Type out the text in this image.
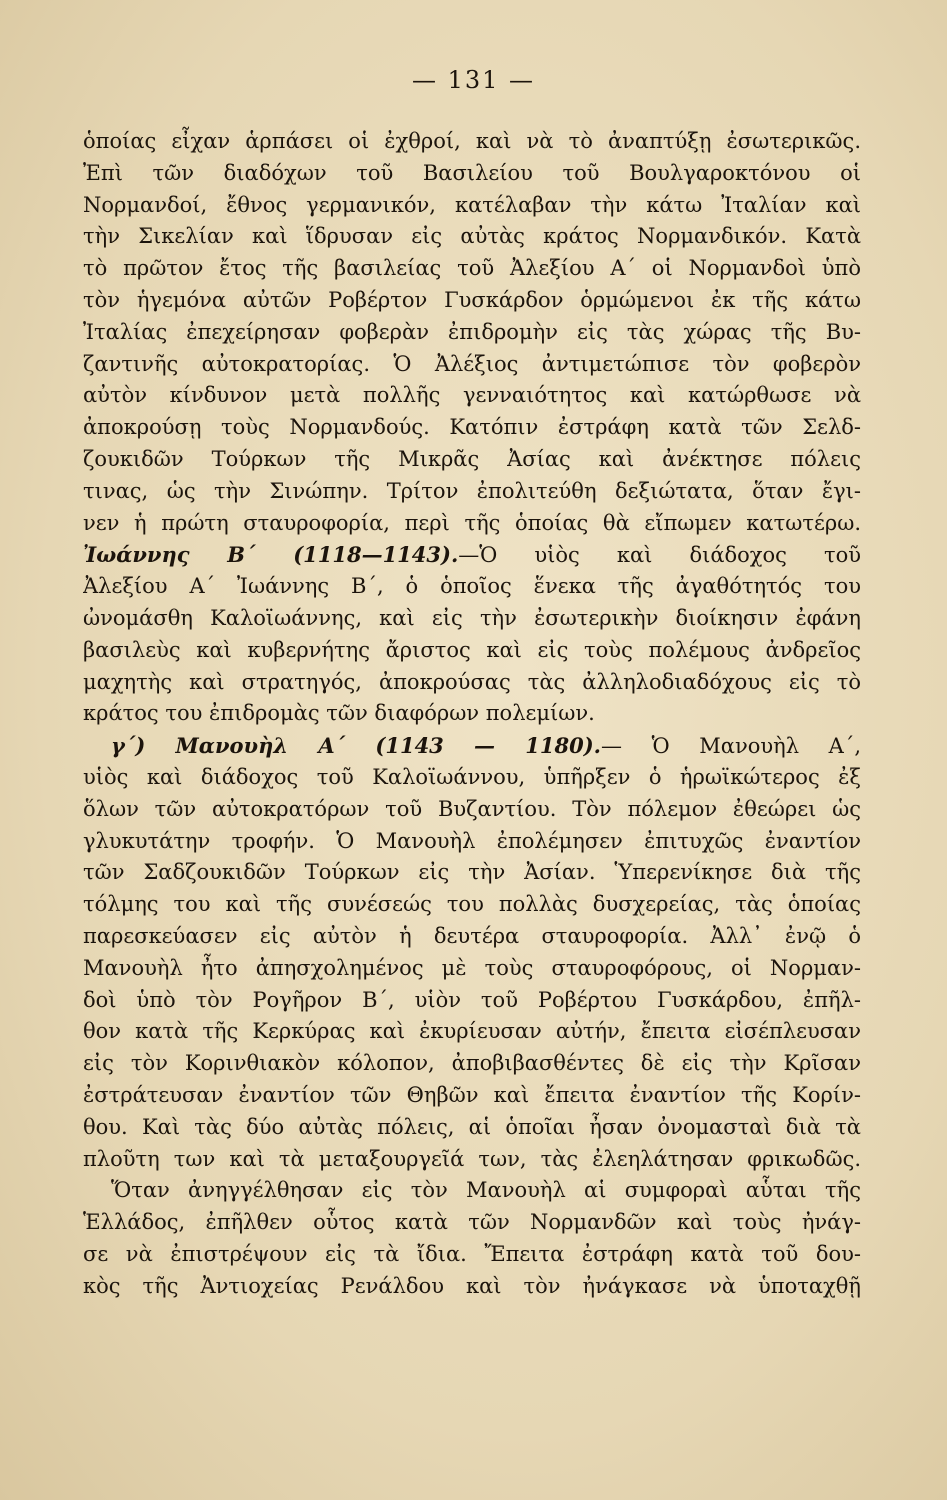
— 131 —
ὁποίας εἶχαν ἁρπάσει οἱ ἐχθροί, καὶ νὰ τὸ ἀναπτύξῃ ἐσωτερικῶς.
Ἐπὶ τῶν διαδόχων τοῦ Βασιλείου τοῦ Βουλγαροκτόνου οἱ
Νορμανδοί, ἔθνος γερμανικόν, κατέλαβαν τὴν κάτω Ἰταλίαν καὶ
τὴν Σικελίαν καὶ ἵδρυσαν εἰς αὐτὰς κράτος Νορμανδικόν. Κατὰ
τὸ πρῶτον ἔτος τῆς βασιλείας τοῦ Ἀλεξίου Α΄ οἱ Νορμανδοὶ ὑπὸ
τὸν ἡγεμόνα αὐτῶν Ροβέρτον Γυσκάρδον ὁρμώμενοι ἐκ τῆς κάτω
Ἰταλίας ἐπεχείρησαν φοβερὰν ἐπιδρομὴν εἰς τὰς χώρας τῆς Βυ-
ζαντινῆς αὐτοκρατορίας. Ὁ Ἀλέξιος ἀντιμετώπισε τὸν φοβερὸν
αὐτὸν κίνδυνον μετὰ πολλῆς γενναιότητος καὶ κατώρθωσε νὰ
ἀποκρούσῃ τοὺς Νορμανδούς. Κατόπιν ἐστράφη κατὰ τῶν Σελδ-
ζουκιδῶν Τούρκων τῆς Μικρᾶς Ἀσίας καὶ ἀνέκτησε πόλεις
τινας, ὡς τὴν Σινώπην. Τρίτον ἐπολιτεύθη δεξιώτατα, ὅταν ἔγι-
νεν ἡ πρώτη σταυροφορία, περὶ τῆς ὁποίας θὰ εἴπωμεν κατωτέρω.
Ἰωάννης Β΄ (1118—1143).—Ὁ υἱὸς καὶ διάδοχος τοῦ
Ἀλεξίου Α΄ Ἰωάννης Β΄, ὁ ὁποῖος ἕνεκα τῆς ἀγαθότητός του
ὠνομάσθη Καλοϊωάννης, καὶ εἰς τὴν ἐσωτερικὴν διοίκησιν ἐφάνη
βασιλεὺς καὶ κυβερνήτης ἄριστος καὶ εἰς τοὺς πολέμους ἀνδρεῖος
μαχητὴς καὶ στρατηγός, ἀποκρούσας τὰς ἀλληλοδιαδόχους εἰς τὸ
κράτος του ἐπιδρομὰς τῶν διαφόρων πολεμίων.
γ΄) Μανουὴλ Α΄ (1143 — 1180).— Ὁ Μανουὴλ Α΄,
υἱὸς καὶ διάδοχος τοῦ Καλοϊωάννου, ὑπῆρξεν ὁ ἡρωϊκώτερος ἐξ
ὅλων τῶν αὐτοκρατόρων τοῦ Βυζαντίου. Τὸν πόλεμον ἐθεώρει ὡς
γλυκυτάτην τροφήν. Ὁ Μανουὴλ ἐπολέμησεν ἐπιτυχῶς ἐναντίον
τῶν Σαδζουκιδῶν Τούρκων εἰς τὴν Ἀσίαν. Ὑπερενίκησε διὰ τῆς
τόλμης του καὶ τῆς συνέσεώς του πολλὰς δυσχερείας, τὰς ὁποίας
παρεσκεύασεν εἰς αὐτὸν ἡ δευτέρα σταυροφορία. Ἀλλ᾽ ἐνῷ ὁ
Μανουὴλ ἦτο ἀπησχολημένος μὲ τοὺς σταυροφόρους, οἱ Νορμαν-
δοὶ ὑπὸ τὸν Ρογῆρον Β΄, υἱὸν τοῦ Ροβέρτου Γυσκάρδου, ἐπῆλ-
θον κατὰ τῆς Κερκύρας καὶ ἐκυρίευσαν αὐτήν, ἔπειτα εἰσέπλευσαν
εἰς τὸν Κορινθιακὸν κόλοπον, ἀποβιβασθέντες δὲ εἰς τὴν Κρῖσαν
ἐστράτευσαν ἐναντίον τῶν Θηβῶν καὶ ἔπειτα ἐναντίον τῆς Κορίν-
θου. Καὶ τὰς δύο αὐτὰς πόλεις, αἱ ὁποῖαι ἦσαν ὀνομασταὶ διὰ τὰ
πλοῦτη των καὶ τὰ μεταξουργεῖά των, τὰς ἐλεηλάτησαν φρικωδῶς.
Ὅταν ἀνηγγέλθησαν εἰς τὸν Μανουὴλ αἱ συμφοραὶ αὗται τῆς
Ἑλλάδος, ἐπῆλθεν οὗτος κατὰ τῶν Νορμανδῶν καὶ τοὺς ἠνάγ-
σε νὰ ἐπιστρέψουν εἰς τὰ ἴδια. Ἔπειτα ἐστράφη κατὰ τοῦ δου-
κὸς τῆς Ἀντιοχείας Ρενάλδου καὶ τὸν ἠνάγκασε νὰ ὑποταχθῇ
